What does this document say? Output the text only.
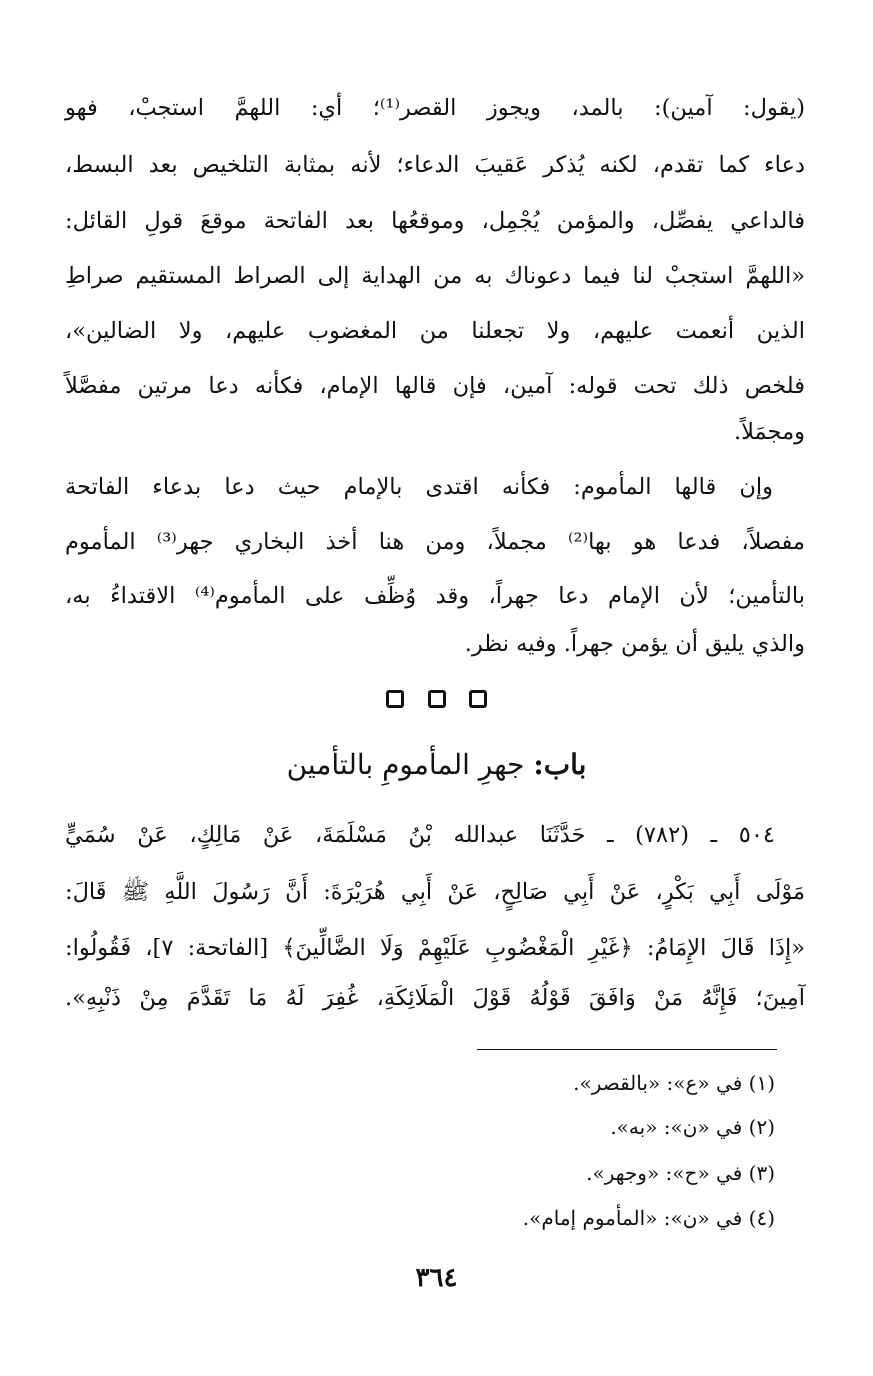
(يقول: آمين): بالمد، ويجوز القصر⁽¹⁾؛ أي: اللهمَّ استجبْ، فهو
دعاء كما تقدم، لكنه يُذكر عَقيبَ الدعاء؛ لأنه بمثابة التلخيص بعد البسط،
فالداعي يفصِّل، والمؤمن يُجْمِل، وموقعُها بعد الفاتحة موقعَ قولِ القائل:
«اللهمَّ استجبْ لنا فيما دعوناك به من الهداية إلى الصراط المستقيم صراطِ
الذين أنعمت عليهم، ولا تجعلنا من المغضوب عليهم، ولا الضالين»،
فلخص ذلك تحت قوله: آمين، فإن قالها الإمام، فكأنه دعا مرتين مفصَّلاً
ومجمَلاً.
وإن قالها المأموم: فكأنه اقتدى بالإمام حيث دعا بدعاء الفاتحة
مفصلاً، فدعا هو بها⁽²⁾ مجملاً، ومن هنا أخذ البخاري جهر⁽³⁾ المأموم
بالتأمين؛ لأن الإمام دعا جهراً، وقد وُظِّف على المأموم⁽⁴⁾ الاقتداءُ به،
والذي يليق أن يؤمن جهراً. وفيه نظر.

باب: جهرِ المأمومِ بالتأمين
٥٠٤ ـ (٧٨٢) ـ حَدَّثَنَا عبدالله بْنُ مَسْلَمَةَ، عَنْ مَالِكٍ، عَنْ سُمَيٍّ
مَوْلَى أَبِي بَكْرٍ، عَنْ أَبِي صَالِحٍ، عَنْ أَبِي هُرَيْرَةَ: أَنَّ رَسُولَ اللَّهِ ﷺ قَالَ:
«إِذَا قَالَ الإِمَامُ: ﴿غَيْرِ الْمَغْضُوبِ عَلَيْهِمْ وَلَا الضَّالِّينَ﴾ [الفاتحة: ٧]، فَقُولُوا:
آمِينَ؛ فَإِنَّهُ مَنْ وَافَقَ قَوْلُهُ قَوْلَ الْمَلَائِكَةِ، غُفِرَ لَهُ مَا تَقَدَّمَ مِنْ ذَنْبِهِ».
(١) في «ع»: «بالقصر».
(٢) في «ن»: «به».
(٣) في «ح»: «وجهر».
(٤) في «ن»: «المأموم إمام».
٣٦٤
